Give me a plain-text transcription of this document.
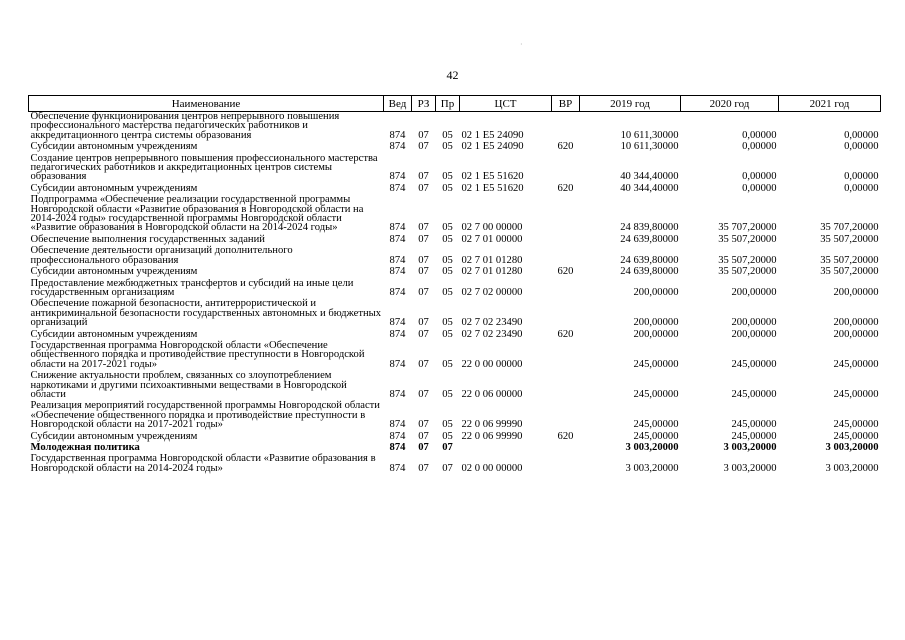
42
Наименование	Вед	РЗ	Пр	ЦСТ	ВР	2019 год	2020 год	2021 год
Обеспечение функционирования центров непрерывного повышения профессионального мастерства педагогических работников и аккредитационного центра системы образования	874	07	05	02 1 E5 24090		10 611,30000	0,00000	0,00000
Субсидии автономным учреждениям	874	07	05	02 1 E5 24090	620	10 611,30000	0,00000	0,00000
Создание центров непрерывного повышения профессионального мастерства педагогических работников и аккредитационных центров системы образования	874	07	05	02 1 E5 51620		40 344,40000	0,00000	0,00000
Субсидии автономным учреждениям	874	07	05	02 1 E5 51620	620	40 344,40000	0,00000	0,00000
Подпрограмма «Обеспечение реализации государственной программы Новгородской области «Развитие образования в Новгородской области на 2014-2024 годы» государственной программы Новгородской области «Развитие образования в Новгородской области на 2014-2024 годы»	874	07	05	02 7 00 00000		24 839,80000	35 707,20000	35 707,20000
Обеспечение выполнения государственных заданий	874	07	05	02 7 01 00000		24 639,80000	35 507,20000	35 507,20000
Обеспечение деятельности организаций дополнительного профессионального образования	874	07	05	02 7 01 01280		24 639,80000	35 507,20000	35 507,20000
Субсидии автономным учреждениям	874	07	05	02 7 01 01280	620	24 639,80000	35 507,20000	35 507,20000
Предоставление межбюджетных трансфертов и субсидий на иные цели государственным организациям	874	07	05	02 7 02 00000		200,00000	200,00000	200,00000
Обеспечение пожарной безопасности, антитеррористической и антикриминальной безопасности государственных автономных и бюджетных организаций	874	07	05	02 7 02 23490		200,00000	200,00000	200,00000
Субсидии автономным учреждениям	874	07	05	02 7 02 23490	620	200,00000	200,00000	200,00000
Государственная программа Новгородской области «Обеспечение общественного порядка и противодействие преступности в Новгородской области на 2017-2021 годы»	874	07	05	22 0 00 00000		245,00000	245,00000	245,00000
Снижение актуальности проблем, связанных со злоупотреблением наркотиками и другими психоактивными веществами в Новгородской области	874	07	05	22 0 06 00000		245,00000	245,00000	245,00000
Реализация мероприятий государственной программы Новгородской области «Обеспечение общественного порядка и противодействие преступности в Новгородской области на 2017-2021 годы»	874	07	05	22 0 06 99990		245,00000	245,00000	245,00000
Субсидии автономным учреждениям	874	07	05	22 0 06 99990	620	245,00000	245,00000	245,00000
Молодежная политика	874	07	07			3 003,20000	3 003,20000	3 003,20000
Государственная программа Новгородской области «Развитие образования в Новгородской области на 2014-2024 годы»	874	07	07	02 0 00 00000		3 003,20000	3 003,20000	3 003,20000
·
